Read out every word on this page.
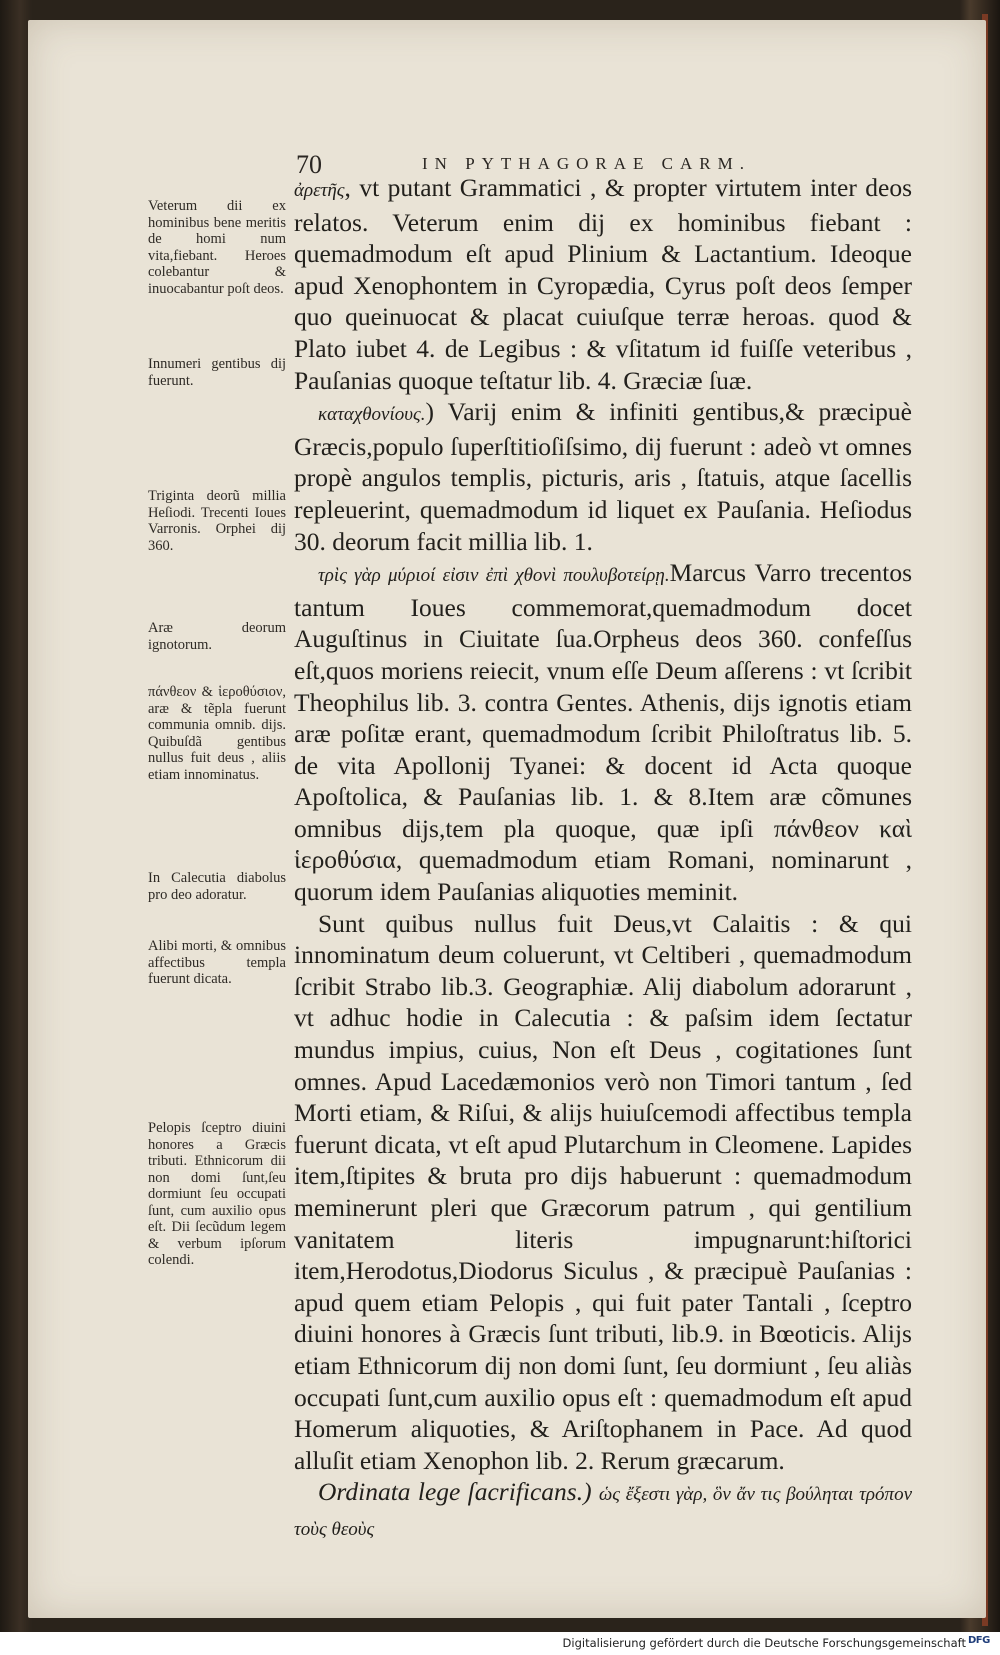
70	IN PYTHAGORAE CARM.

ἀρετῆς, vt putant Grammatici , & propter virtutem inter deos relatos. Veterum enim dij ex hominibus fiebant : quemadmodum eſt apud Plinium & Lactantium. Ideoque apud Xenophontem in Cyropædia, Cyrus poſt deos ſemper quo queinuocat & placat cuiuſque terræ heroas. quod & Plato iubet 4. de Legibus : & vſitatum id fuiſſe veteribus , Pauſanias quoque teſtatur lib. 4. Græciæ ſuæ.

καταχθονίους.) Varij enim & infiniti gentibus,& præcipuè Græcis,populo ſuperſtitioſiſsimo, dij fuerunt : adeò vt omnes propè angulos templis, picturis, aris , ſtatuis, atque ſacellis repleuerint, quemadmodum id liquet ex Pauſania. Heſiodus 30. deorum facit millia lib. 1.

τρὶς γὰρ μύριοί εἰσιν ἐπὶ χθονὶ πουλυβοτείρῃ.Marcus Varro trecentos tantum Ioues commemorat,quemadmodum docet Auguſtinus in Ciuitate ſua.Orpheus deos 360. confeſſus eſt,quos moriens reiecit, vnum eſſe Deum aſſerens : vt ſcribit Theophilus lib. 3. contra Gentes. Athenis, dijs ignotis etiam aræ poſitæ erant, quemadmodum ſcribit Philoſtratus lib. 5. de vita Apollonij Tyanei: & docent id Acta quoque Apoſtolica, & Pauſanias lib. 1. & 8.Item aræ cõmunes omnibus dijs,tem pla quoque, quæ ipſi πάνθεον καὶ ἱεροθύσια, quemadmodum etiam Romani, nominarunt , quorum idem Pauſanias aliquoties meminit.

Sunt quibus nullus fuit Deus,vt Calaitis : & qui innominatum deum coluerunt, vt Celtiberi , quemadmodum ſcribit Strabo lib.3. Geographiæ. Alij diabolum adorarunt , vt adhuc hodie in Calecutia : & paſsim idem ſectatur mundus impius, cuius, Non eſt Deus , cogitationes ſunt omnes. Apud Lacedæmonios verò non Timori tantum , ſed Morti etiam, & Riſui, & alijs huiuſcemodi affectibus templa fuerunt dicata, vt eſt apud Plutarchum in Cleomene. Lapides item,ſtipites & bruta pro dijs habuerunt : quemadmodum meminerunt pleri que Græcorum patrum , qui gentilium vanitatem literis impugnarunt:hiſtorici item,Herodotus,Diodorus Siculus , & præcipuè Pauſanias : apud quem etiam Pelopis , qui fuit pater Tantali , ſceptro diuini honores à Græcis ſunt tributi, lib.9. in Bœoticis. Alijs etiam Ethnicorum dij non domi ſunt, ſeu dormiunt , ſeu aliàs occupati ſunt,cum auxilio opus eſt : quemadmodum eſt apud Homerum aliquoties, & Ariſtophanem in Pace. Ad quod alluſit etiam Xenophon lib. 2. Rerum græcarum.

Ordinata lege ſacrificans.) ὡς ἔξεστι γὰρ, ὃν ἄν τις βούληται τρόπον τοὺς θεοὺς

Veterum dii ex hominibus bene meritis de homi num vita,fiebant. Heroes colebantur & inuocabantur poſt deos.
Innumeri gentibus dij fuerunt.
Triginta deorũ millia Heſiodi. Trecenti Ioues Varronis. Orphei dij 360.
Aræ deorum ignotorum.
πάνθεον & ἱεροθύσιον, aræ & tẽpla fuerunt communia omnib. dijs. Quibuſdã gentibus nullus fuit deus , aliis etiam innominatus.
In Calecutia diabolus pro deo adoratur.
Alibi morti, & omnibus affectibus templa fuerunt dicata.
Pelopis ſceptro diuini honores a Græcis tributi. Ethnicorum dii non domi ſunt,ſeu dormiunt ſeu occupati ſunt, cum auxilio opus eſt. Dii ſecũdum legem & verbum ipſorum colendi.
Digitalisierung gefördert durch die Deutsche Forschungsgemeinschaft DFG
